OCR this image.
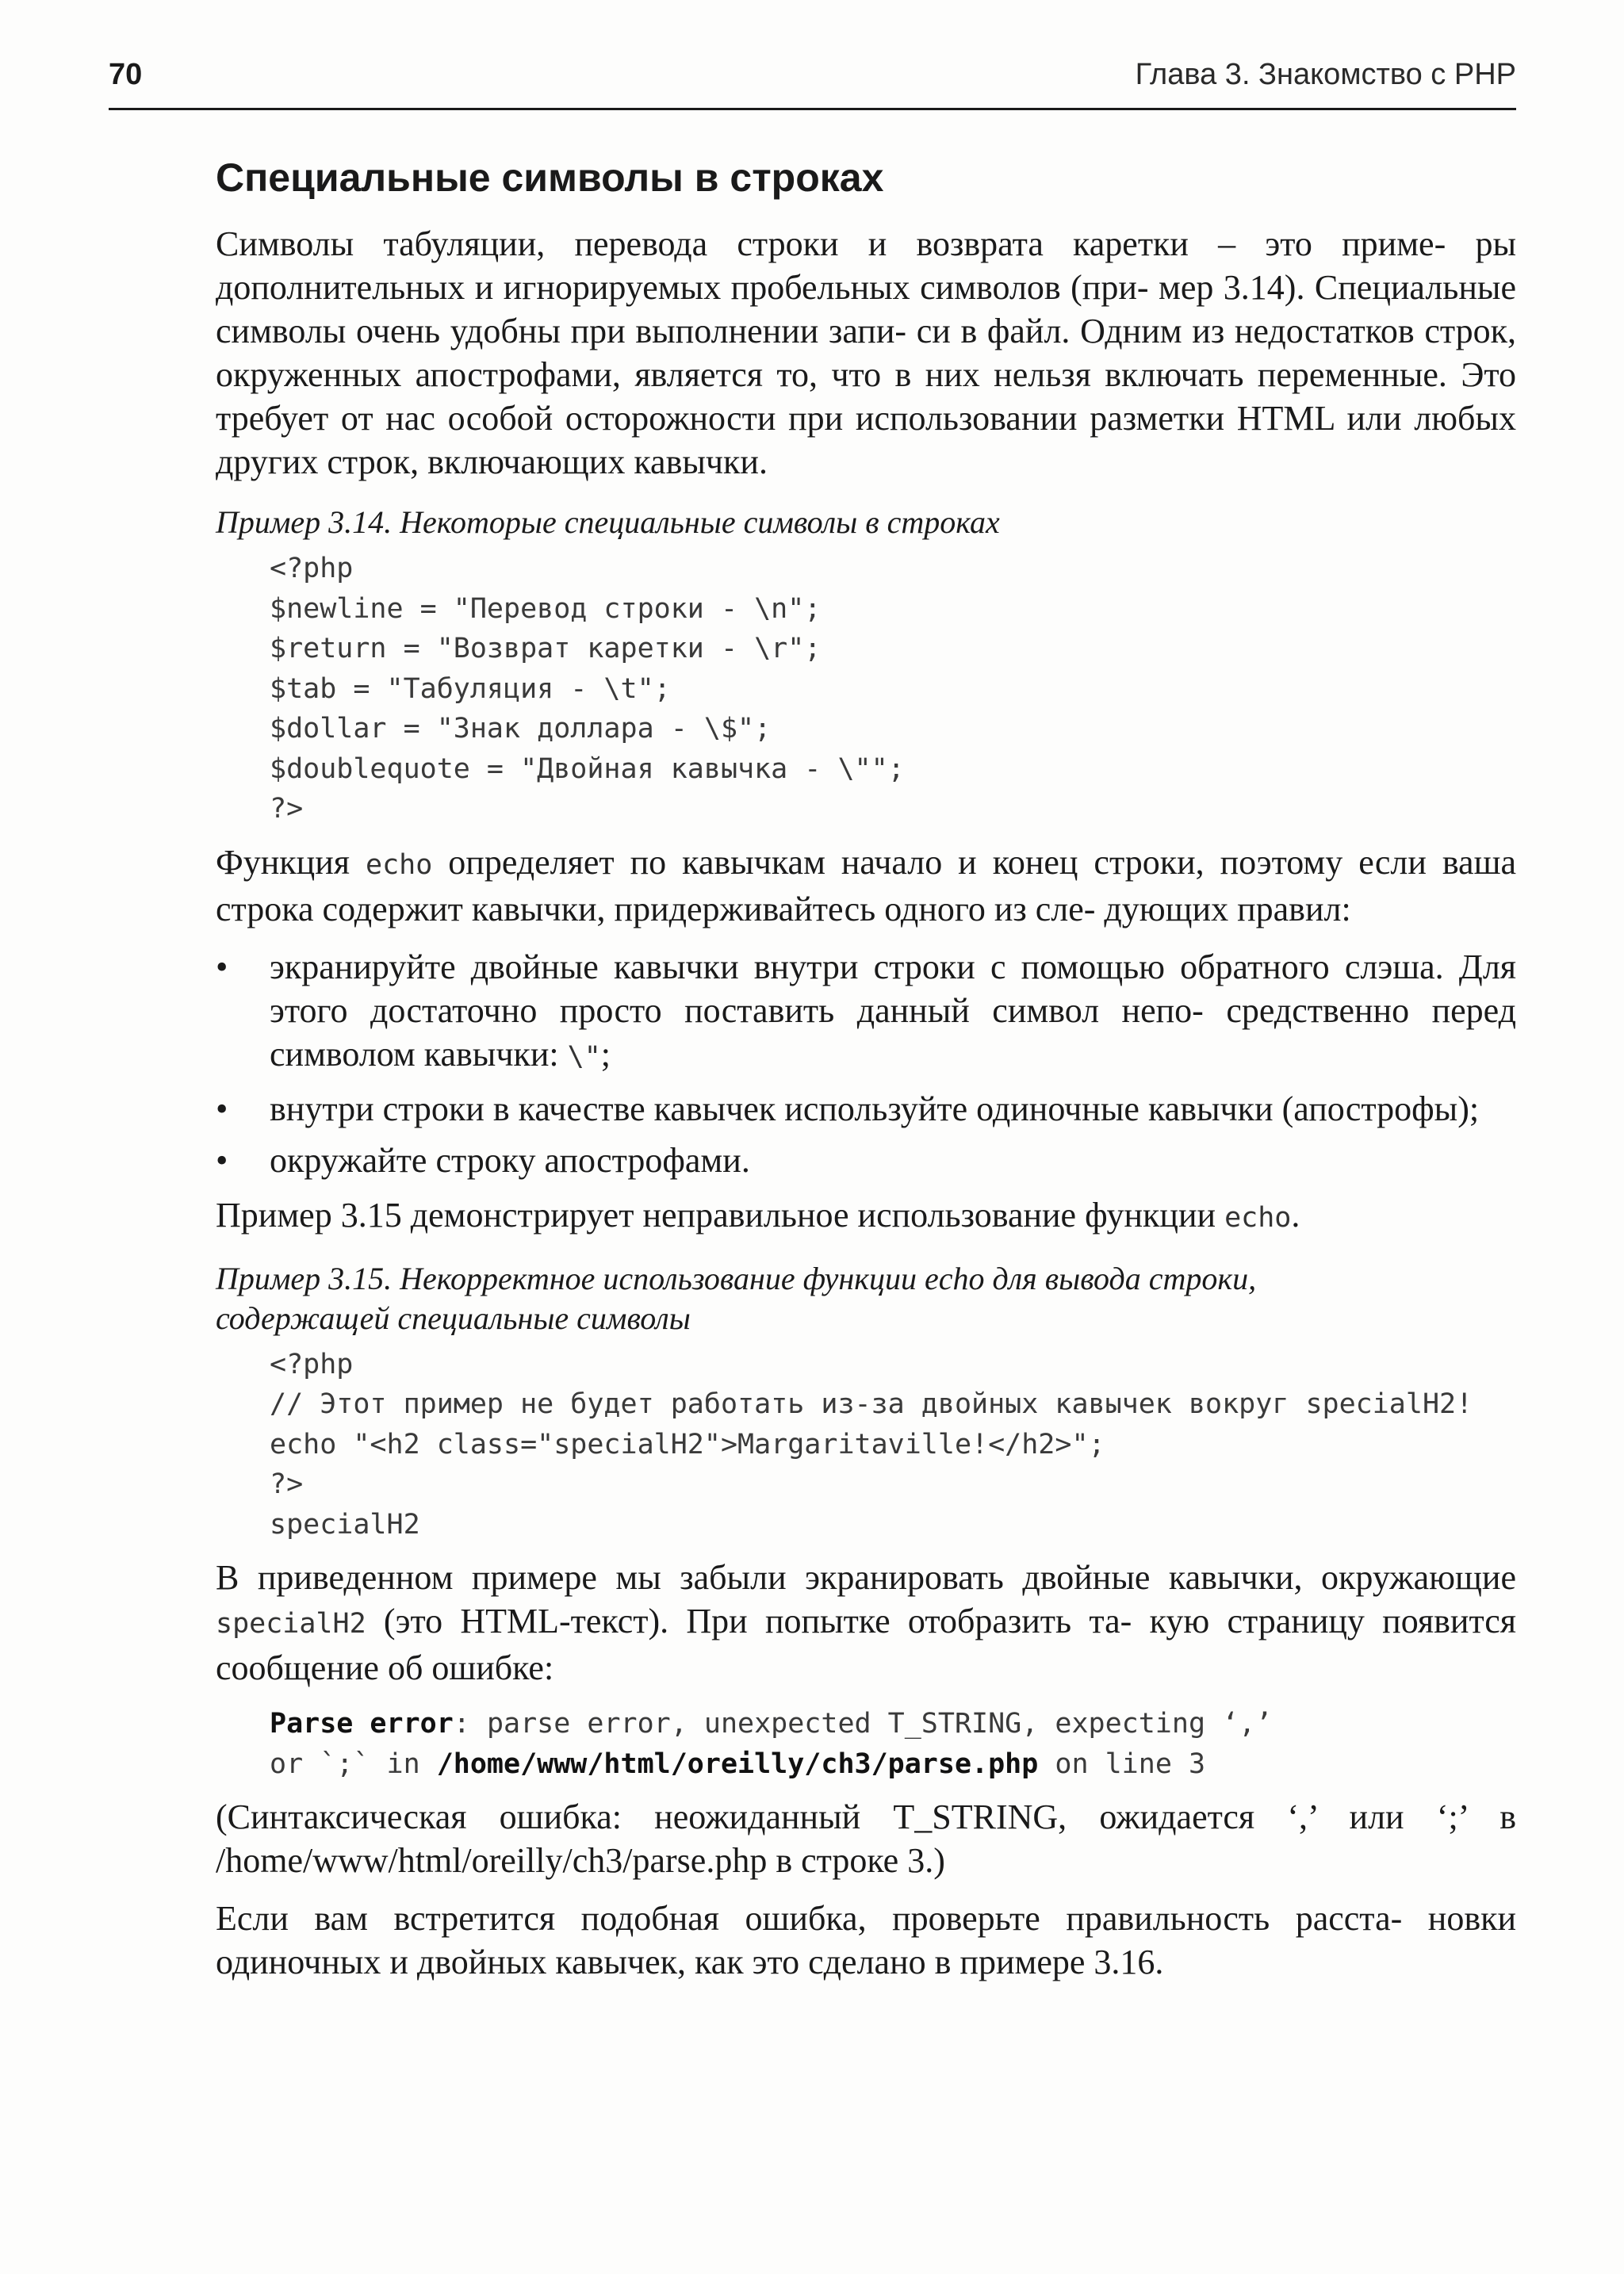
70	Глава 3. Знакомство с PHP
Специальные символы в строках

Символы табуляции, перевода строки и возврата каретки – это приме- ры дополнительных и игнорируемых пробельных символов (при- мер 3.14). Специальные символы очень удобны при выполнении запи- си в файл. Одним из недостатков строк, окруженных апострофами, является то, что в них нельзя включать переменные. Это требует от нас особой осторожности при использовании разметки HTML или любых других строк, включающих кавычки.

Пример 3.14. Некоторые специальные символы в строках
<?php
$newline = "Перевод строки - \n";
$return = "Возврат каретки - \r";
$tab = "Табуляция - \t";
$dollar = "Знак доллара - \$";
$doublequote = "Двойная кавычка - \"";
?>

Функция echo определяет по кавычкам начало и конец строки, поэтому если ваша строка содержит кавычки, придерживайтесь одного из сле- дующих правил:

• экранируйте двойные кавычки внутри строки с помощью обратного слэша. Для этого достаточно просто поставить данный символ непо- средственно перед символом кавычки: \";
• внутри строки в качестве кавычек используйте одиночные кавычки (апострофы);
• окружайте строку апострофами.

Пример 3.15 демонстрирует неправильное использование функции echo.

Пример 3.15. Некорректное использование функции echo для вывода строки,
содержащей специальные символы
<?php
// Этот пример не будет работать из-за двойных кавычек вокруг specialH2!
echo "<h2 class="specialH2">Margaritaville!</h2>";
?>
specialH2

В приведенном примере мы забыли экранировать двойные кавычки, окружающие specialH2 (это HTML-текст). При попытке отобразить та- кую страницу появится сообщение об ошибке:

Parse error: parse error, unexpected T_STRING, expecting ‘,’
or `;` in /home/www/html/oreilly/ch3/parse.php on line 3

(Синтаксическая ошибка: неожиданный T_STRING, ожидается ‘,’ или ‘;’ в /home/www/html/oreilly/ch3/parse.php в строке 3.)

Если вам встретится подобная ошибка, проверьте правильность расста- новки одиночных и двойных кавычек, как это сделано в примере 3.16.
